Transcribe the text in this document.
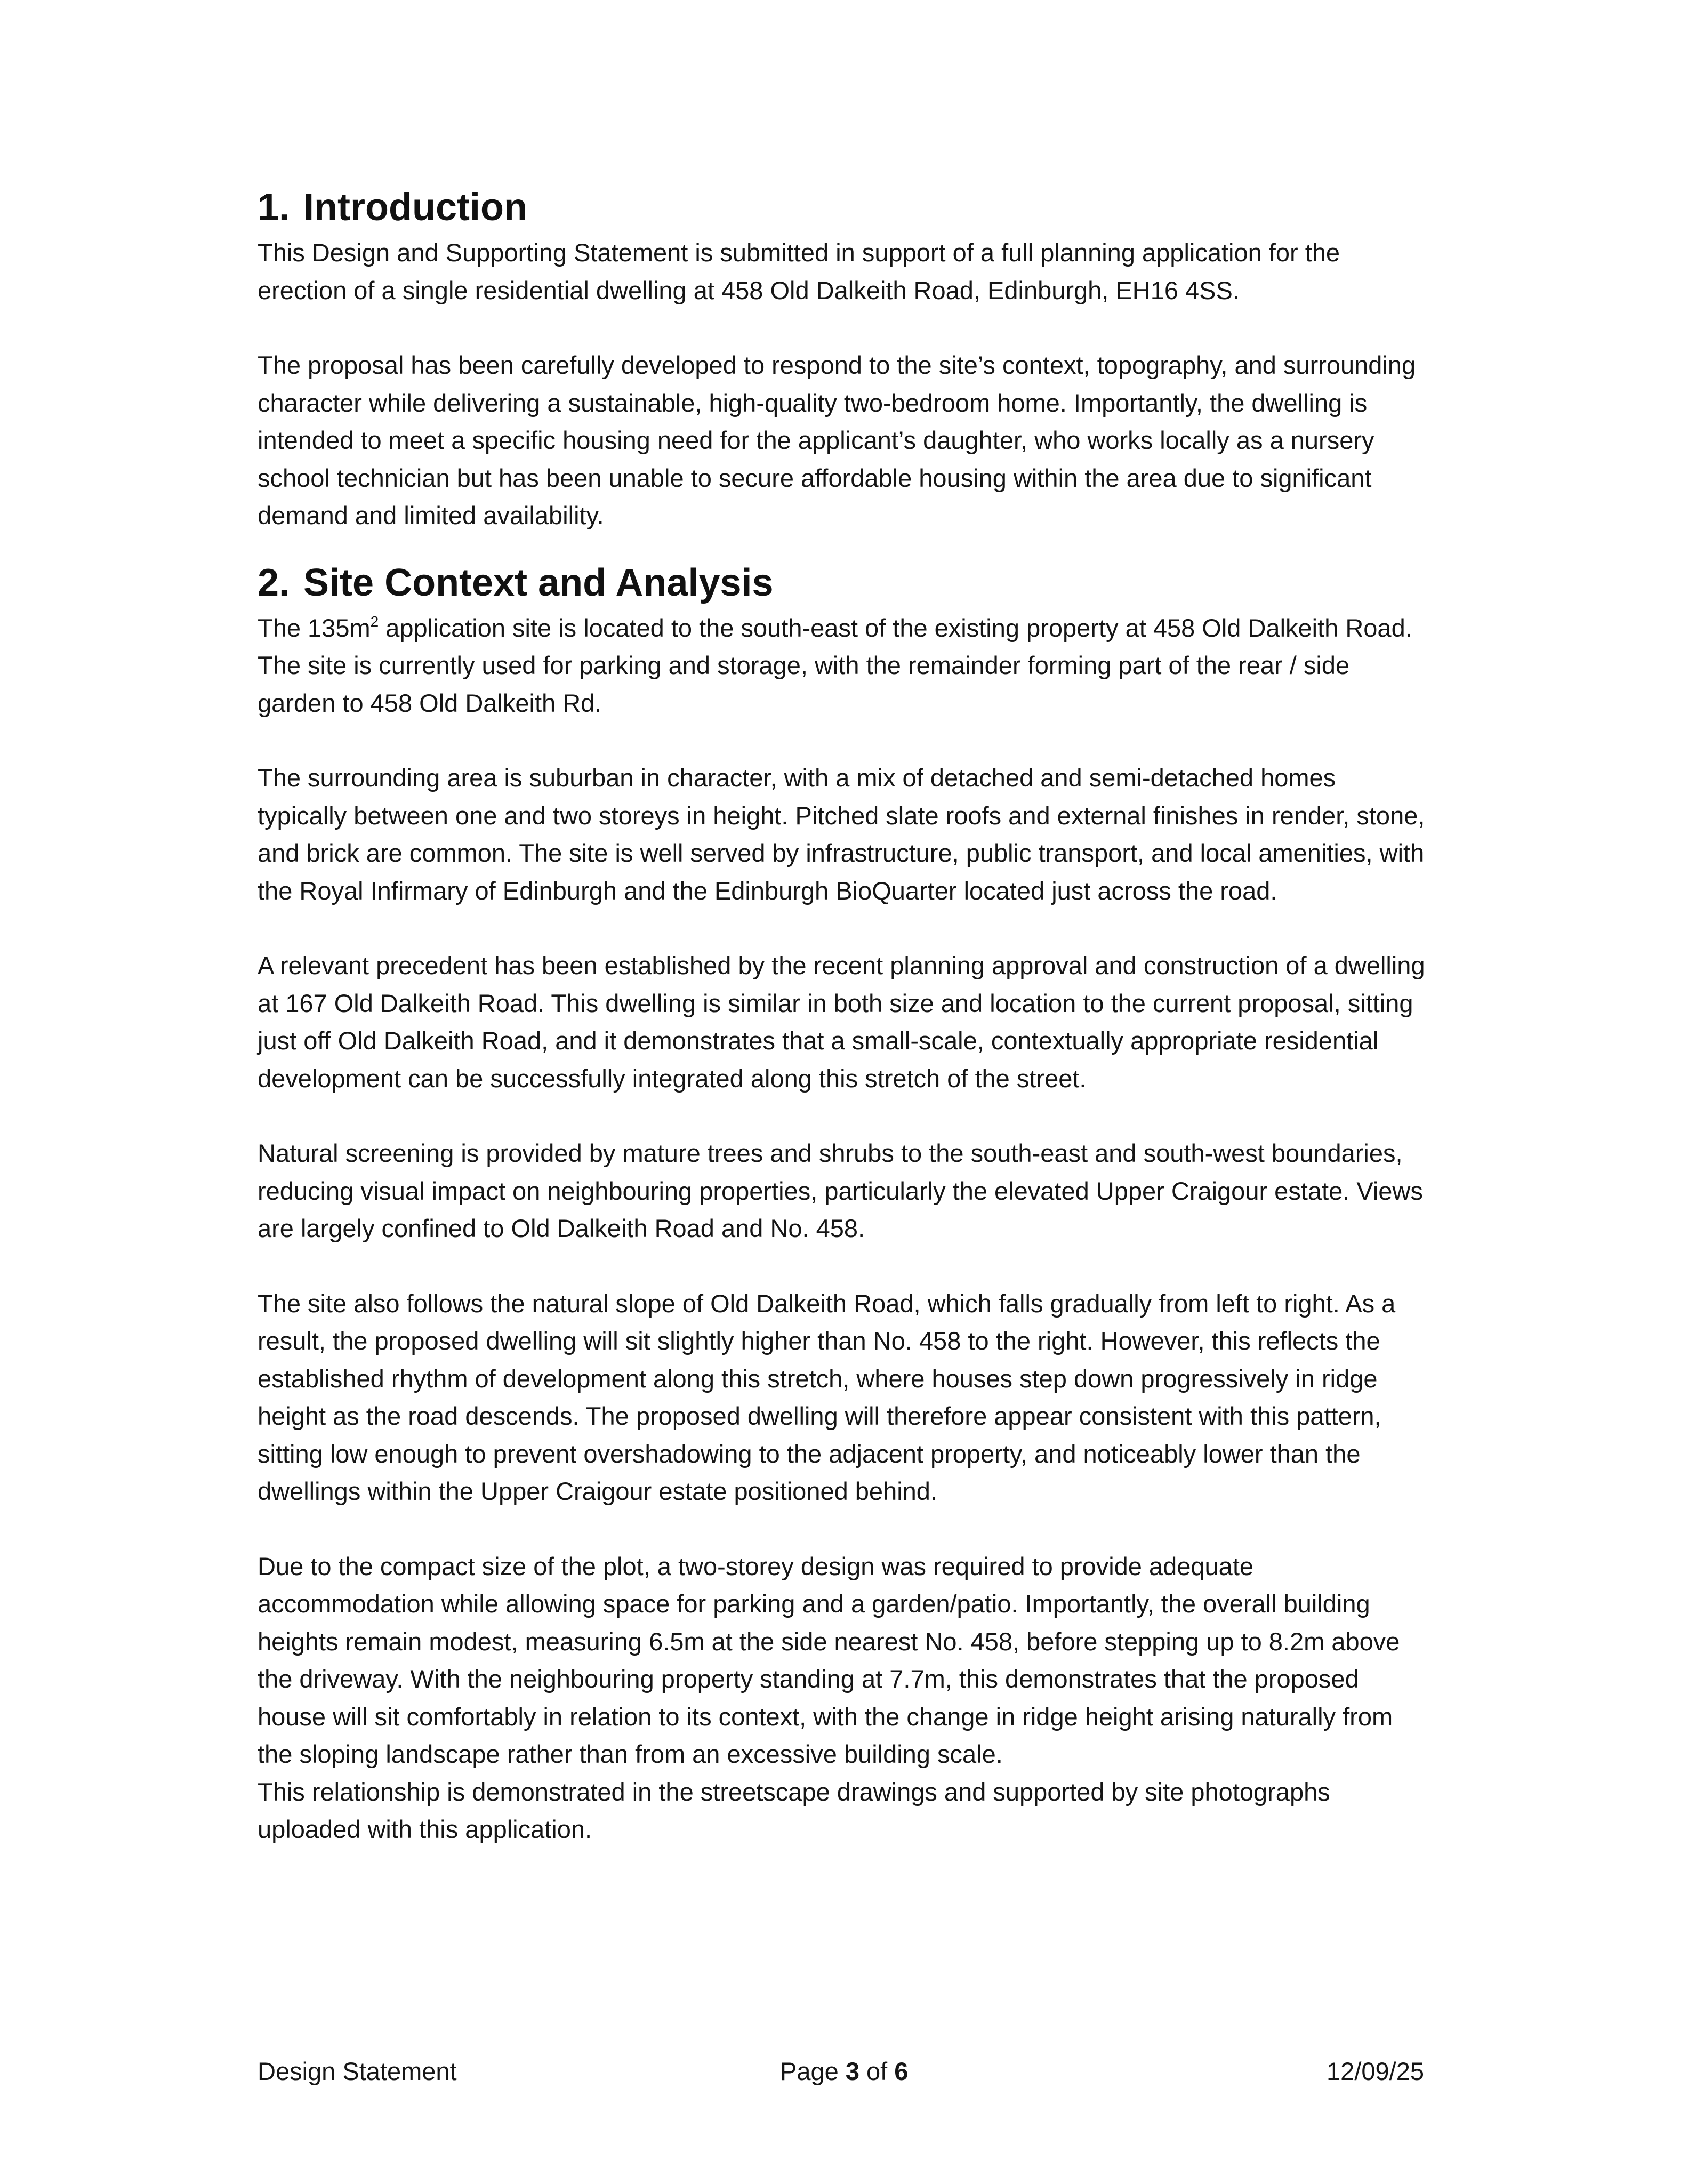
1. Introduction

This Design and Supporting Statement is submitted in support of a full planning application for the erection of a single residential dwelling at 458 Old Dalkeith Road, Edinburgh, EH16 4SS.

The proposal has been carefully developed to respond to the site’s context, topography, and surrounding character while delivering a sustainable, high-quality two-bedroom home. Importantly, the dwelling is intended to meet a specific housing need for the applicant’s daughter, who works locally as a nursery school technician but has been unable to secure affordable housing within the area due to significant demand and limited availability.

2. Site Context and Analysis

The $135m^2$ application site is located to the south-east of the existing property at 458 Old Dalkeith Road. The site is currently used for parking and storage, with the remainder forming part of the rear / side garden to 458 Old Dalkeith Rd.

The surrounding area is suburban in character, with a mix of detached and semi-detached homes typically between one and two storeys in height. Pitched slate roofs and external finishes in render, stone, and brick are common. The site is well served by infrastructure, public transport, and local amenities, with the Royal Infirmary of Edinburgh and the Edinburgh BioQuarter located just across the road.

A relevant precedent has been established by the recent planning approval and construction of a dwelling at 167 Old Dalkeith Road. This dwelling is similar in both size and location to the current proposal, sitting just off Old Dalkeith Road, and it demonstrates that a small-scale, contextually appropriate residential development can be successfully integrated along this stretch of the street.

Natural screening is provided by mature trees and shrubs to the south-east and south-west boundaries, reducing visual impact on neighbouring properties, particularly the elevated Upper Craigour estate. Views are largely confined to Old Dalkeith Road and No. 458.

The site also follows the natural slope of Old Dalkeith Road, which falls gradually from left to right. As a result, the proposed dwelling will sit slightly higher than No. 458 to the right. However, this reflects the established rhythm of development along this stretch, where houses step down progressively in ridge height as the road descends. The proposed dwelling will therefore appear consistent with this pattern, sitting low enough to prevent overshadowing to the adjacent property, and noticeably lower than the dwellings within the Upper Craigour estate positioned behind.

Due to the compact size of the plot, a two-storey design was required to provide adequate accommodation while allowing space for parking and a garden/patio. Importantly, the overall building heights remain modest, measuring 6.5m at the side nearest No. 458, before stepping up to 8.2m above the driveway. With the neighbouring property standing at 7.7m, this demonstrates that the proposed house will sit comfortably in relation to its context, with the change in ridge height arising naturally from the sloping landscape rather than from an excessive building scale.

This relationship is demonstrated in the streetscape drawings and supported by site photographs uploaded with this application.

Design Statement	Page 3 of 6	12/09/25
